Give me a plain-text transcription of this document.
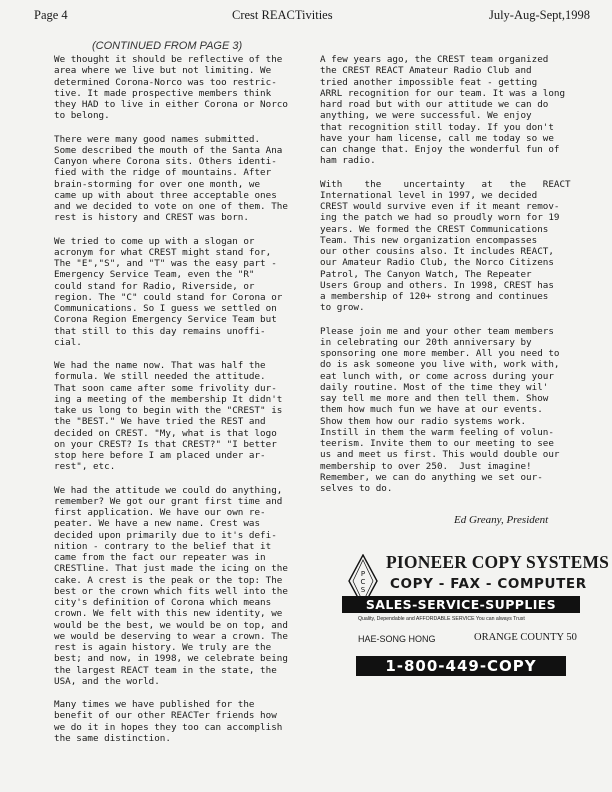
Page 4	Crest REACTivities	July-Aug-Sept,1998
(CONTINUED FROM PAGE 3)
We thought it should be reflective of the
area where we live but not limiting. We
determined Corona-Norco was too restric-
tive. It made prospective members think
they HAD to live in either Corona or Norco
to belong.
There were many good names submitted.
Some described the mouth of the Santa Ana
Canyon where Corona sits. Others identi-
fied with the ridge of mountains. After
brain-storming for over one month, we
came up with about three acceptable ones
and we decided to vote on one of them. The
rest is history and CREST was born.
We tried to come up with a slogan or
acronym for what CREST might stand for,
The "E","S", and "T" was the easy part -
Emergency Service Team, even the "R"
could stand for Radio, Riverside, or
region. The "C" could stand for Corona or
Communications. So I guess we settled on
Corona Region Emergency Service Team but
that still to this day remains unoffi-
cial.
We had the name now. That was half the
formula. We still needed the attitude.
That soon came after some frivolity dur-
ing a meeting of the membership It didn't
take us long to begin with the "CREST" is
the "BEST." We have tried the REST and
decided on CREST. "My, what is that logo
on your CREST? Is that CREST?" "I better
stop here before I am placed under ar-
rest", etc.
We had the attitude we could do anything,
remember? We got our grant first time and
first application. We have our own re-
peater. We have a new name. Crest was
decided upon primarily due to it's defi-
nition - contrary to the belief that it
came from the fact our repeater was in
CRESTline. That just made the icing on the
cake. A crest is the peak or the top: The
best or the crown which fits well into the
city's definition of Corona which means
crown. We felt with this new identity, we
would be the best, we would be on top, and
we would be deserving to wear a crown. The
rest is again history. We truly are the
best; and now, in 1998, we celebrate being
the largest REACT team in the state, the
USA, and the world.
Many times we have published for the
benefit of our other REACTer friends how
we do it in hopes they too can accomplish
the same distinction.
A few years ago, the CREST team organized
the CREST REACT Amateur Radio Club and
tried another impossible feat - getting
ARRL recognition for our team. It was a long
hard road but with our attitude we can do
anything, we were successful. We enjoy
that recognition still today. If you don't
have your ham license, call me today so we
can change that. Enjoy the wonderful fun of
ham radio.
With    the    uncertainty   at   the   REACT
International level in 1997, we decided
CREST would survive even if it meant remov-
ing the patch we had so proudly worn for 19
years. We formed the CREST Communications
Team. This new organization encompasses
our other cousins also. It includes REACT,
our Amateur Radio Club, the Norco Citizens
Patrol, The Canyon Watch, The Repeater
Users Group and others. In 1998, CREST has
a membership of 120+ strong and continues
to grow.
Please join me and your other team members
in celebrating our 20th anniversary by
sponsoring one more member. All you need to
do is ask someone you live with, work with,
eat lunch with, or come across during your
daily routine. Most of the time they wil'
say tell me more and then tell them. Show
them how much fun we have at our events.
Show them how our radio systems work.
Instill in them the warm feeling of volun-
teerism. Invite them to our meeting to see
us and meet us first. This would double our
membership to over 250.  Just imagine!
Remember, we can do anything we set our-
selves to do.
Ed Greany, President
P
C
S
PIONEER COPY SYSTEMS
COPY - FAX - COMPUTER
SALES-SERVICE-SUPPLIES
Quality, Dependable and AFFORDABLE SERVICE You can always Trust
HAE-SONG HONG	ORANGE COUNTY 50
1-800-449-COPY
